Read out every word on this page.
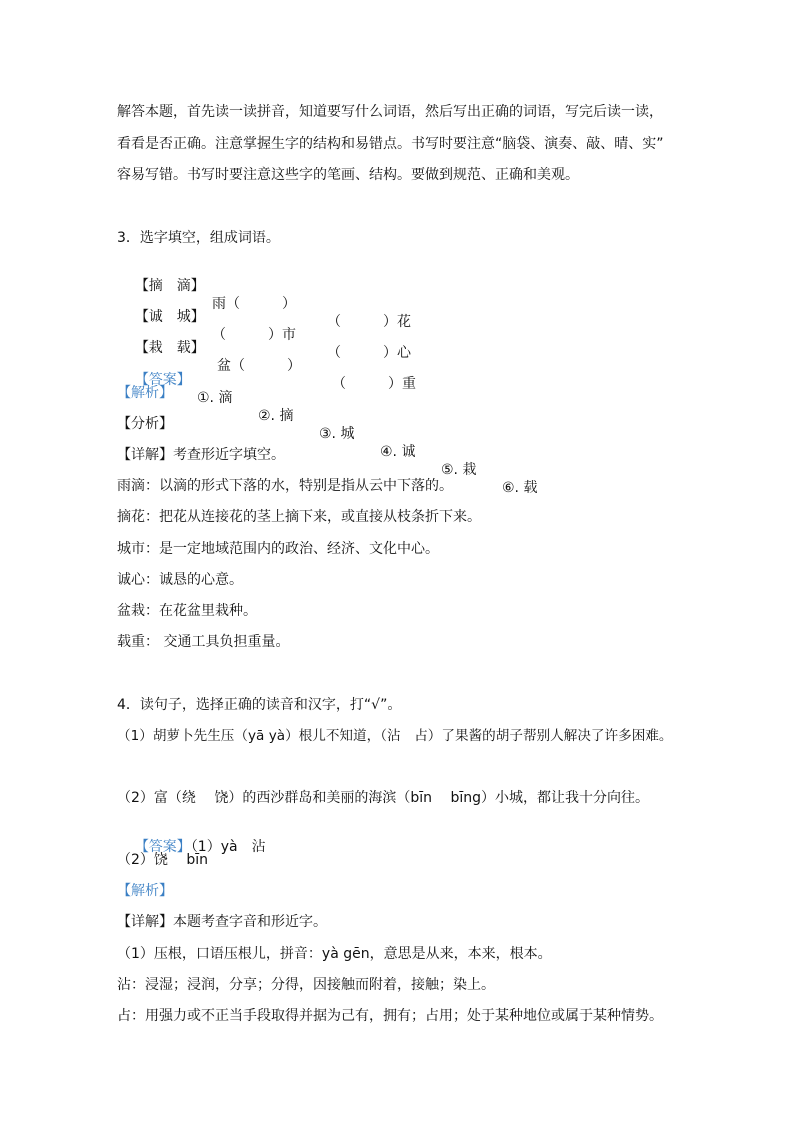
解答本题，首先读一读拼音，知道要写什么词语，然后写出正确的词语，写完后读一读，
看看是否正确。注意掌握生字的结构和易错点。书写时要注意“脑袋、演奏、敲、晴、实”
容易写错。书写时要注意这些字的笔画、结构。要做到规范、正确和美观。
3．选字填空，组成词语。

【摘　滴】

雨（　　　）

（　　　）花

【诚　城】

（　　　）市

（　　　）心

【栽　载】

盆（　　　）

（　　　）重

【答案】

①. 滴

②. 摘

③. 城

④. 诚

⑤. 栽

⑥. 载

【解析】
【分析】
【详解】考查形近字填空。
雨滴：以滴的形式下落的水，特别是指从云中下落的。
摘花：把花从连接花的茎上摘下来，或直接从枝条折下来。
城市：是一定地域范围内的政治、经济、文化中心。
诚心：诚恳的心意。
盆栽：在花盆里栽种。
载重： 交通工具负担重量。
4．读句子，选择正确的读音和汉字，打“√”。
（1）胡萝卜先生压（yā yà）根儿不知道，（沾　占）了果酱的胡子帮别人解决了许多困难。
（2）富（绕　 饶）的西沙群岛和美丽的海滨（bīn　 bīng）小城，都让我十分向往。

【答案】（1）yà　沾

（2）饶　 bīn
【解析】
【详解】本题考查字音和形近字。
（1）压根，口语压根儿，拼音：yà gēn，意思是从来，本来，根本。
沾：浸湿；浸润，分享；分得，因接触而附着，接触；染上。
占：用强力或不正当手段取得并据为己有，拥有；占用；处于某种地位或属于某种情势。
